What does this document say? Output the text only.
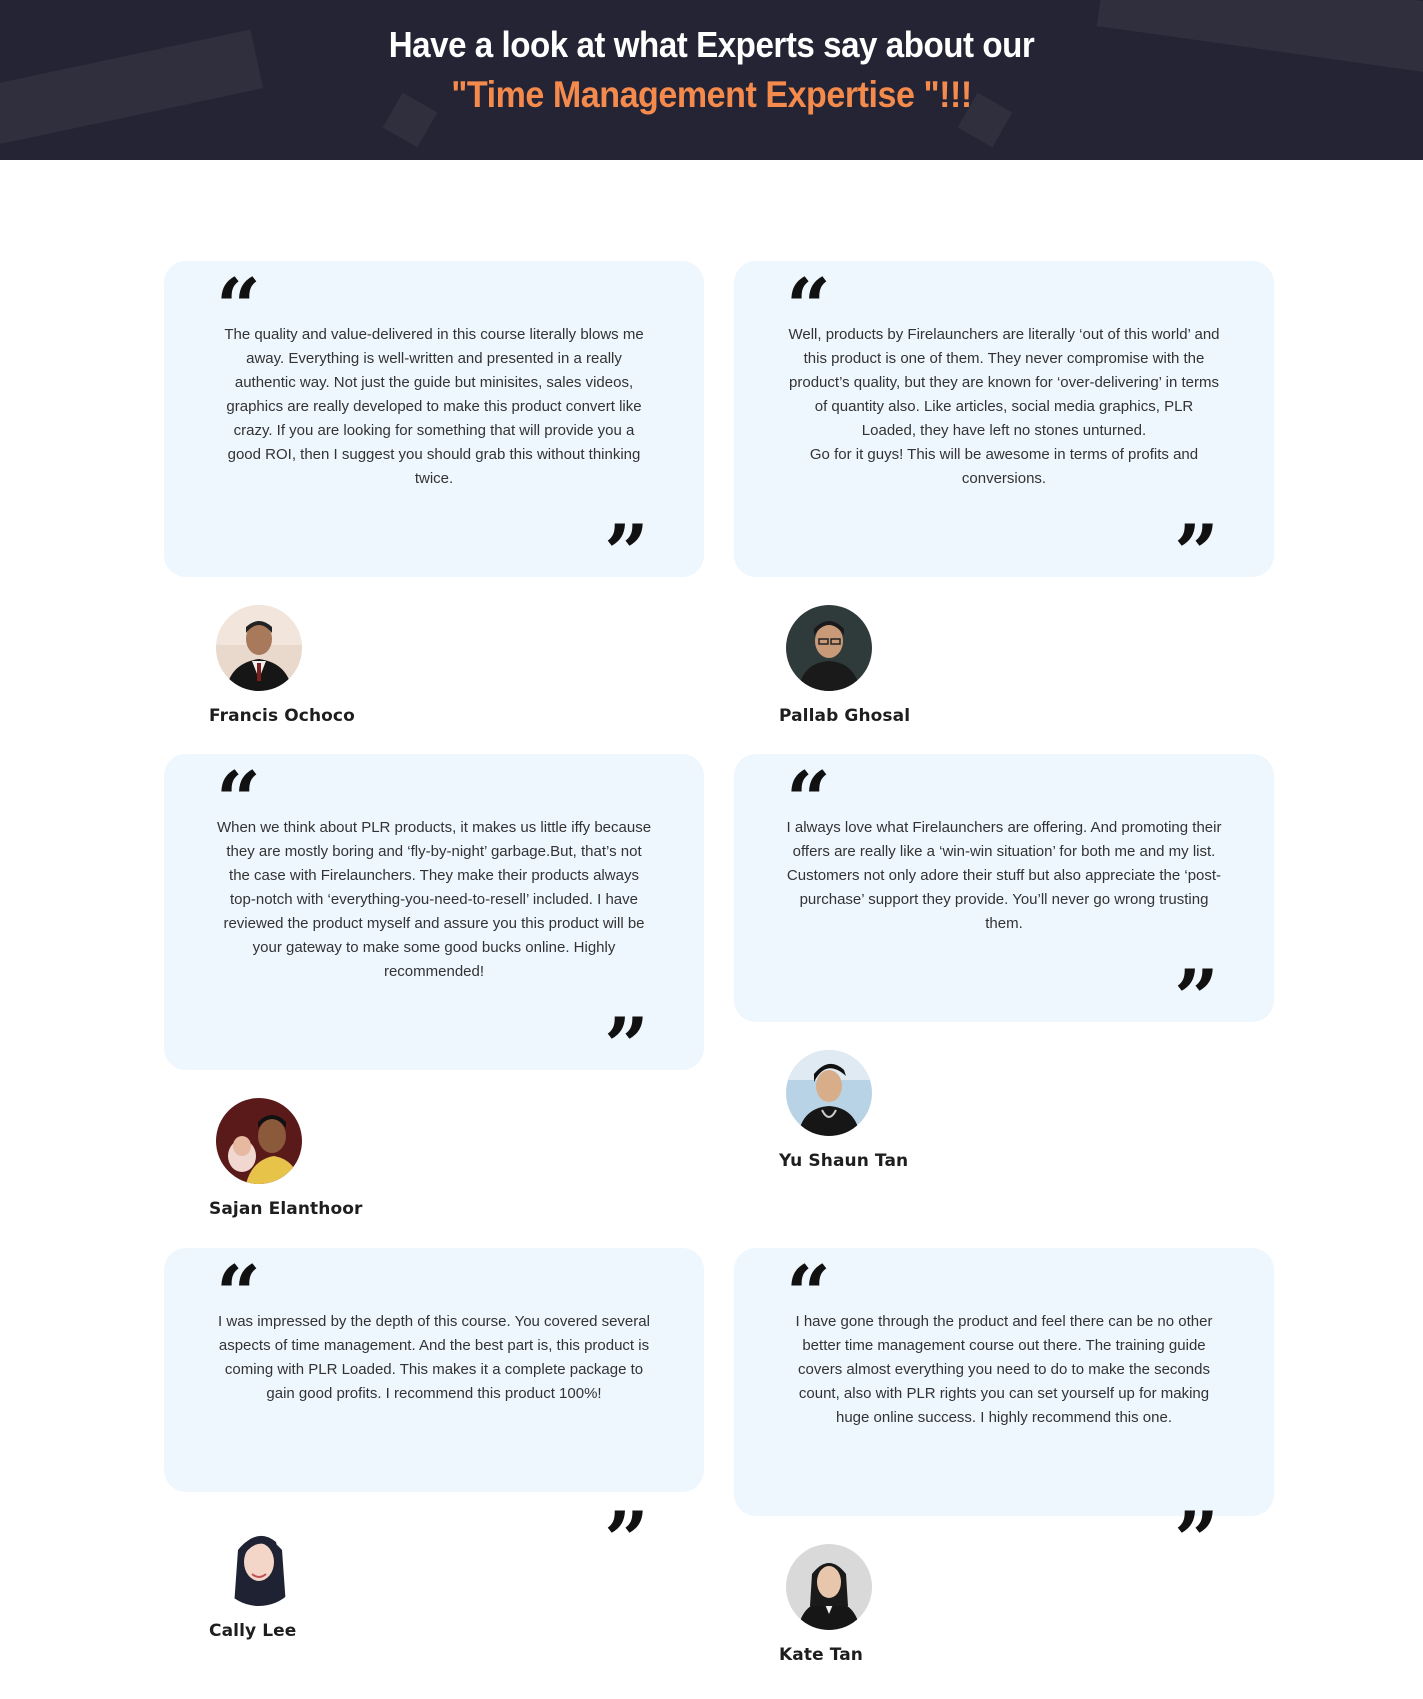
Have a look at what Experts say about our
"Time Management Expertise "!!!
“
The quality and value-delivered in this course literally blows me away. Everything is well-written and presented in a really authentic way. Not just the guide but minisites, sales videos, graphics are really developed to make this product convert like crazy. If you are looking for something that will provide you a good ROI, then I suggest you should grab this without thinking twice.
”
Francis Ochoco
“
Well, products by Firelaunchers are literally ‘out of this world’ and this product is one of them. They never compromise with the product’s quality, but they are known for ‘over-delivering’ in terms of quantity also. Like articles, social media graphics, PLR Loaded, they have left no stones unturned.
Go for it guys! This will be awesome in terms of profits and conversions.
”
Pallab Ghosal
“
When we think about PLR products, it makes us little iffy because they are mostly boring and ‘fly-by-night’ garbage.But, that’s not the case with Firelaunchers. They make their products always top-notch with ‘everything-you-need-to-resell’ included. I have reviewed the product myself and assure you this product will be your gateway to make some good bucks online. Highly recommended!
”
Sajan Elanthoor
“
I always love what Firelaunchers are offering. And promoting their offers are really like a ‘win-win situation’ for both me and my list. Customers not only adore their stuff but also appreciate the ‘post-purchase’ support they provide. You’ll never go wrong trusting them.
”
Yu Shaun Tan
“
I was impressed by the depth of this course. You covered several aspects of time management. And the best part is, this product is coming with PLR Loaded. This makes it a complete package to gain good profits. I recommend this product 100%!
”
Cally Lee
“
I have gone through the product and feel there can be no other better time management course out there. The training guide covers almost everything you need to do to make the seconds count, also with PLR rights you can set yourself up for making huge online success. I highly recommend this one.
”
Kate Tan
